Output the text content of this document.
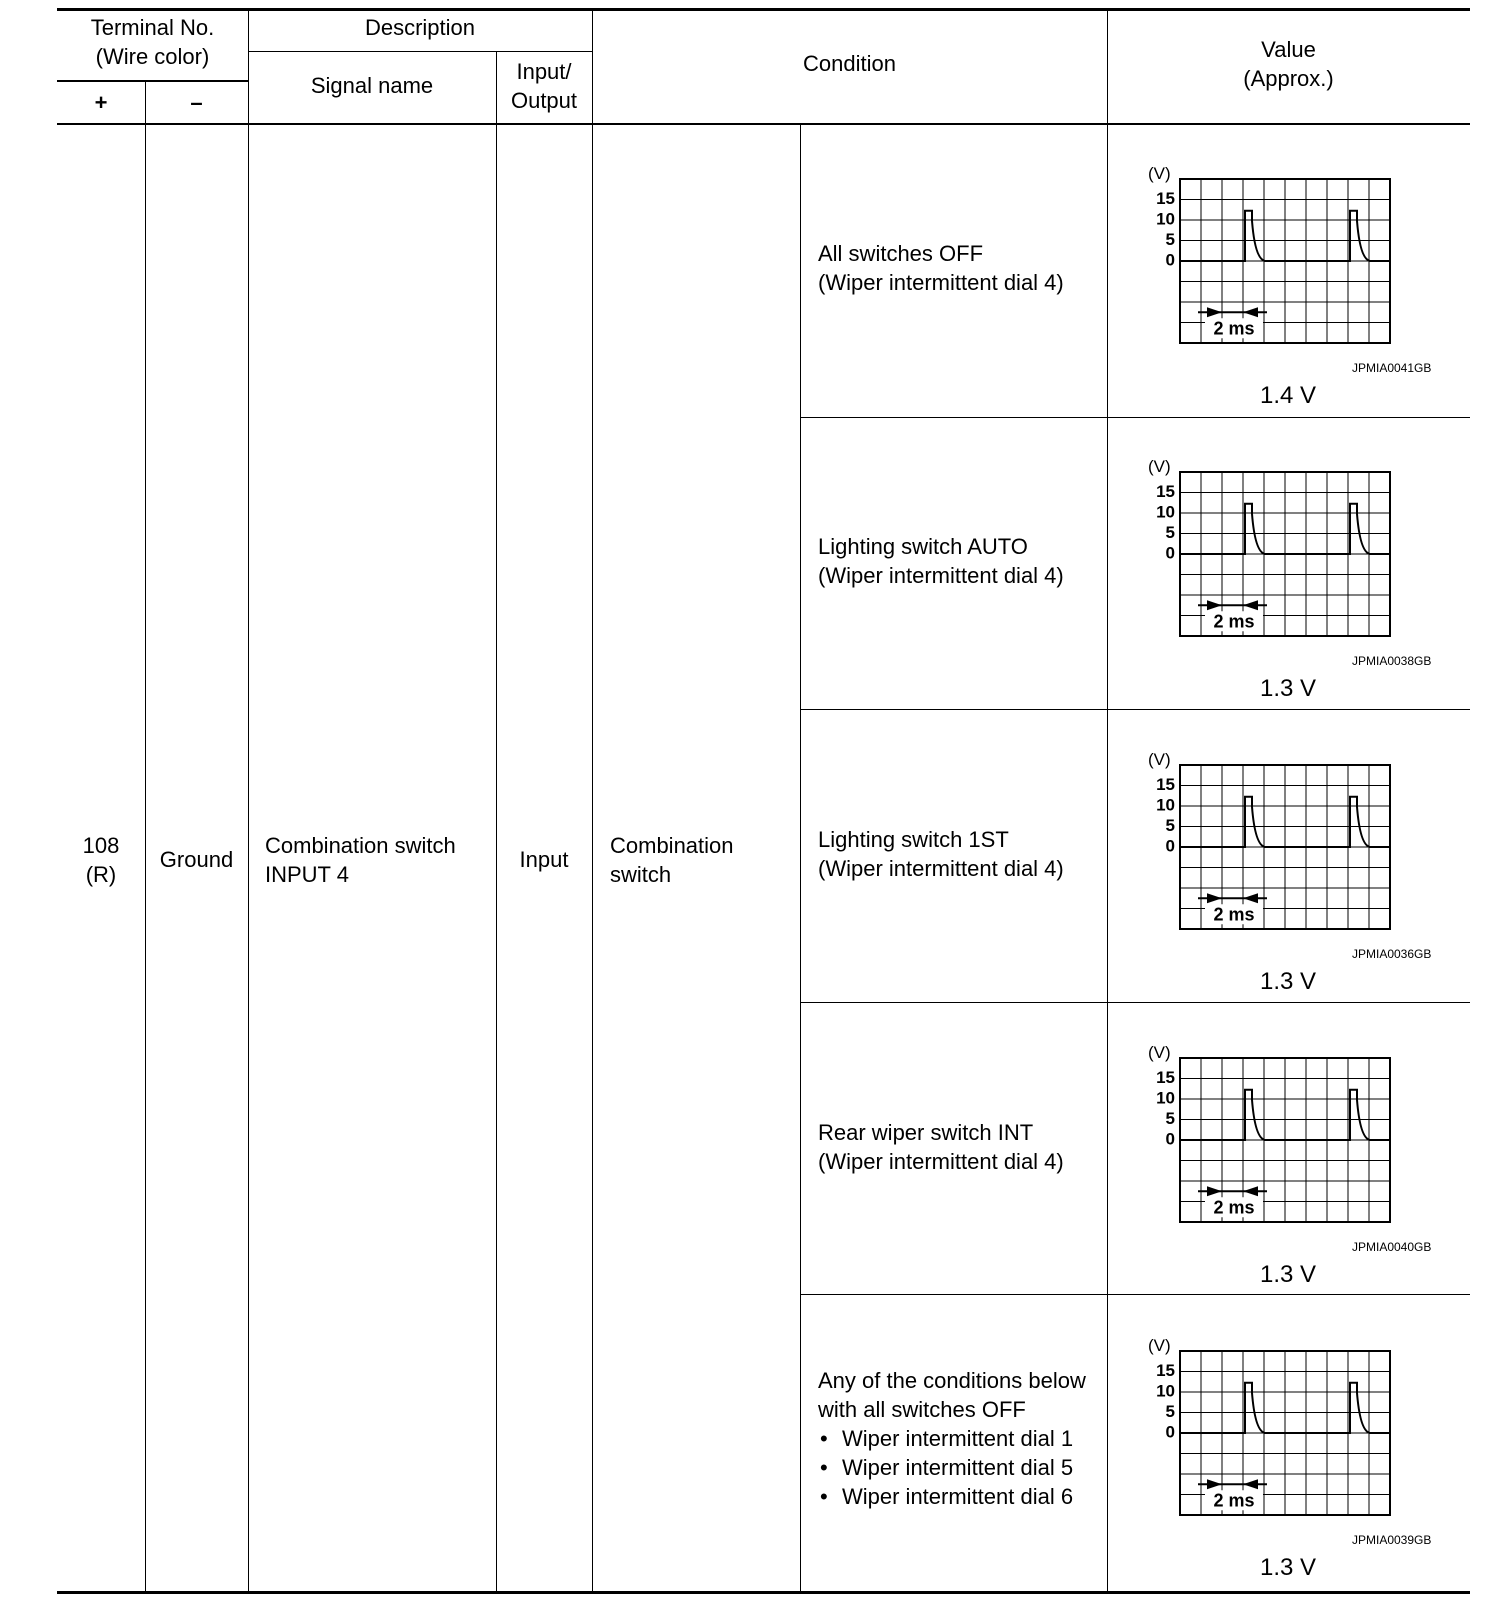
Terminal No.
(Wire color)
+	–
Description
Signal name
Input/
Output
Condition
Value
(Approx.)
108
(R)
Ground
Combination switch
INPUT 4
Input
Combination
switch
All switches OFF
(Wiper intermittent dial 4)
(V)
15
10
5
0
2 ms
JPMIA0041GB
1.4 V
Lighting switch AUTO
(Wiper intermittent dial 4)
(V)
15
10
5
0
2 ms
JPMIA0038GB
1.3 V
Lighting switch 1ST
(Wiper intermittent dial 4)
(V)
15
10
5
0
2 ms
JPMIA0036GB
1.3 V
Rear wiper switch INT
(Wiper intermittent dial 4)
(V)
15
10
5
0
2 ms
JPMIA0040GB
1.3 V
Any of the conditions below
with all switches OFF
• Wiper intermittent dial 1
• Wiper intermittent dial 5
• Wiper intermittent dial 6
(V)
15
10
5
0
2 ms
JPMIA0039GB
1.3 V
